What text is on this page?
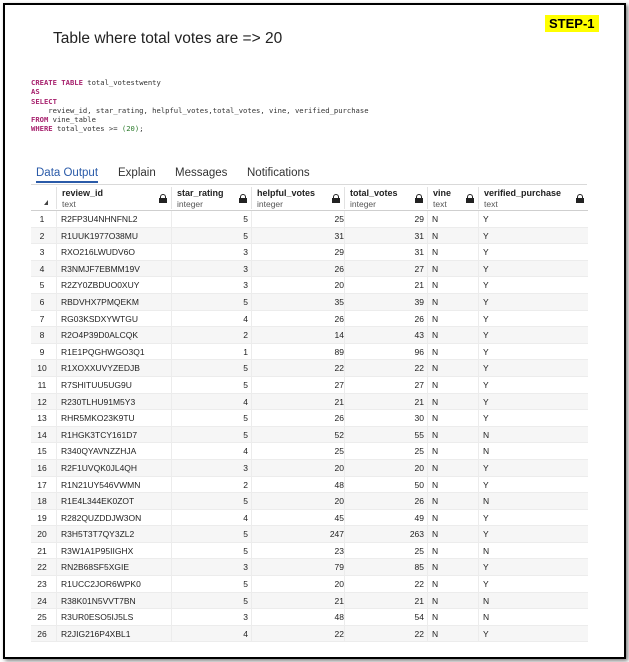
STEP-1
Table where total votes are => 20
CREATE TABLE total_votestwenty
AS
SELECT
review_id, star_rating, helpful_votes,total_votes, vine, verified_purchase
FROM vine_table
WHERE total_votes >= (20);
Data Output Explain Messages Notifications
review_id
text
star_rating
integer
helpful_votes
integer
total_votes
integer
vine
text
verified_purchase
text
1	R2FP3U4NHNFNL2	5	25	29 N	Y
2	R1UUK1977O38MU	5	31	31 N	Y
3	RXO216LWUDV6O	3	29	31 N	Y
4	R3NMJF7EBMM19V	3	26	27 N	Y
5	R2ZY0ZBDUO0XUY	3	20	21 N	Y
6	RBDVHX7PMQEKM	5	35	39 N	Y
7	RG03KSDXYWTGU	4	26	26 N	Y
8	R2O4P39D0ALCQK	2	14	43 N	Y
9	R1E1PQGHWGO3Q1	1	89	96 N	Y
10	R1XOXXUVYZEDJB	5	22	22 N	Y
11	R7SHITUU5UG9U	5	27	27 N	Y
12	R230TLHU91M5Y3	4	21	21 N	Y
13	RHR5MKO23K9TU	5	26	30 N	Y
14	R1HGK3TCY161D7	5	52	55 N	N
15	R340QYAVNZZHJA	4	25	25 N	N
16	R2F1UVQK0JL4QH	3	20	20 N	Y
17	R1N21UY546VWMN	2	48	50 N	Y
18	R1E4L344EK0ZOT	5	20	26 N	N
19	R282QUZDDJW3ON	4	45	49 N	Y
20	R3H5T3T7QY3ZL2	5	247	263 N	Y
21	R3W1A1P95IIGHX	5	23	25 N	N
22	RN2B68SF5XGIE	3	79	85 N	Y
23	R1UCC2JOR6WPK0	5	20	22 N	Y
24	R38K01N5VVT7BN	5	21	21 N	N
25	R3UR0ESO5IJ5LS	3	48	54 N	N
26	R2JIG216P4XBL1	4	22	22 N	Y
